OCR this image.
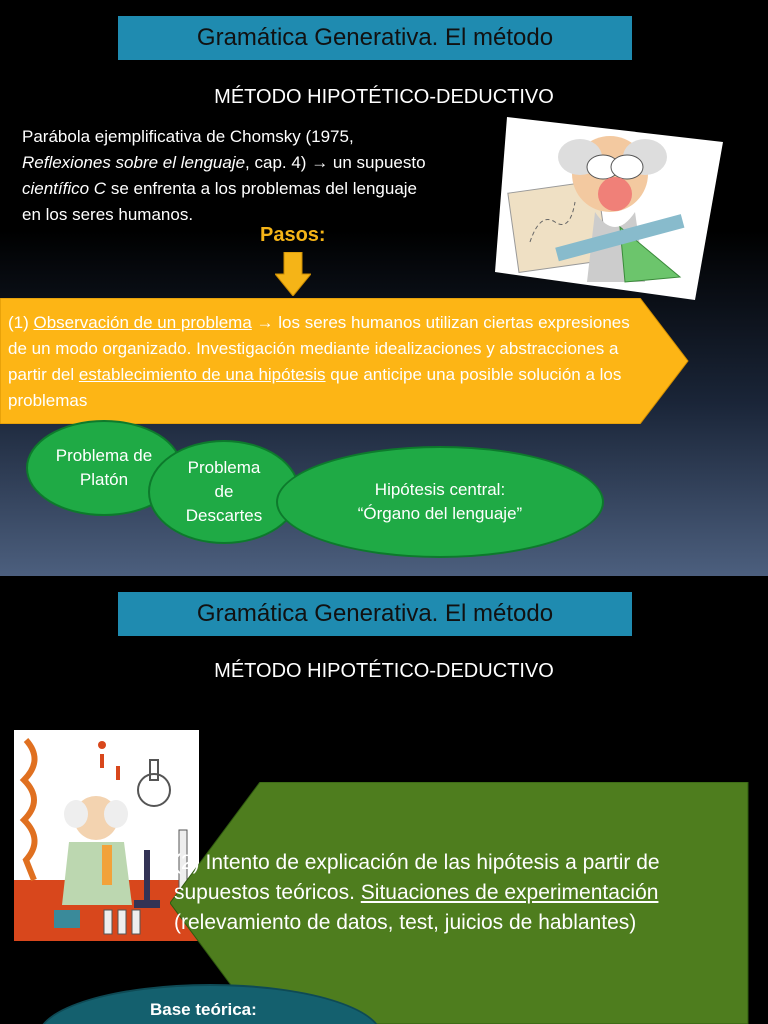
Gramática Generativa. El método
MÉTODO HIPOTÉTICO-DEDUCTIVO
Parábola ejemplificativa de Chomsky (1975,
Reflexiones sobre el lenguaje, cap. 4) → un supuesto
científico C se enfrenta a los problemas del lenguaje
en los seres humanos.
Pasos:
(1) Observación de un problema → los seres humanos utilizan ciertas expresiones de un modo organizado. Investigación mediante idealizaciones y abstracciones a partir del establecimiento de una hipótesis que anticipe una posible solución a los problemas
Problema de Platón
Problema de Descartes
Hipótesis central:
“Órgano del lenguaje”
Gramática Generativa. El método
MÉTODO HIPOTÉTICO-DEDUCTIVO
(2) Intento de explicación de las hipótesis a partir de supuestos teóricos. Situaciones de experimentación (relevamiento de datos, test, juicios de hablantes)
Base teórica:
